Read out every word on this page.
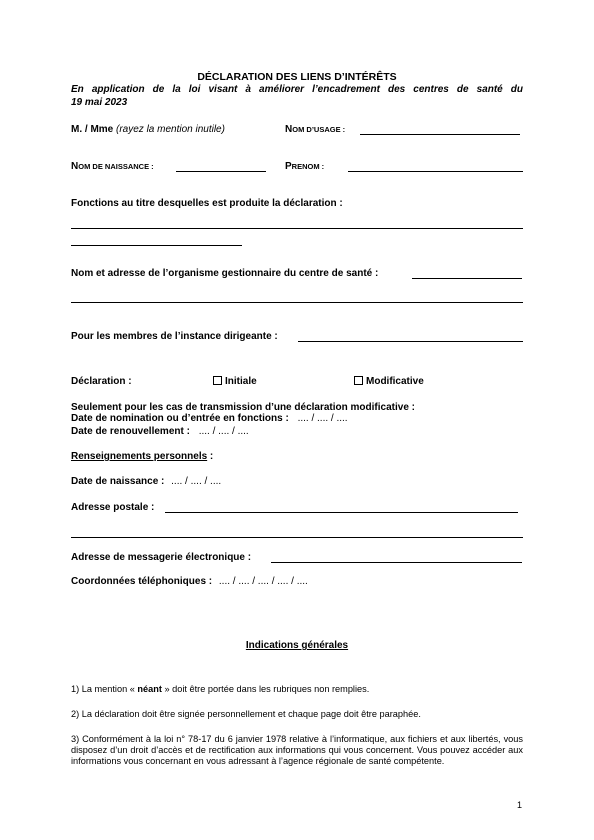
DÉCLARATION DES LIENS D’INTÉRÊTS
En application de la loi visant à améliorer l’encadrement des centres de santé du
19 mai 2023
M. / Mme (rayez la mention inutile)	NOM D’USAGE :
NOM DE NAISSANCE :	PRENOM :
Fonctions au titre desquelles est produite la déclaration :
Nom et adresse de l’organisme gestionnaire du centre de santé :
Pour les membres de l’instance dirigeante :
Déclaration :	Initiale	Modificative
Seulement pour les cas de transmission d’une déclaration modificative :
Date de nomination ou d’entrée en fonctions : .... / .... / ....
Date de renouvellement : .... / .... / ....
Renseignements personnels :
Date de naissance : .... / .... / ....
Adresse postale :
Adresse de messagerie électronique :
Coordonnées téléphoniques : .... / .... / .... / .... / ....
Indications générales
1) La mention « néant » doit être portée dans les rubriques non remplies.
2) La déclaration doit être signée personnellement et chaque page doit être paraphée.
3) Conformément à la loi n° 78-17 du 6 janvier 1978 relative à l’informatique, aux fichiers et aux libertés, vous disposez d’un droit d’accès et de rectification aux informations qui vous concernent. Vous pouvez accéder aux informations vous concernant en vous adressant à l’agence régionale de santé compétente.
1
